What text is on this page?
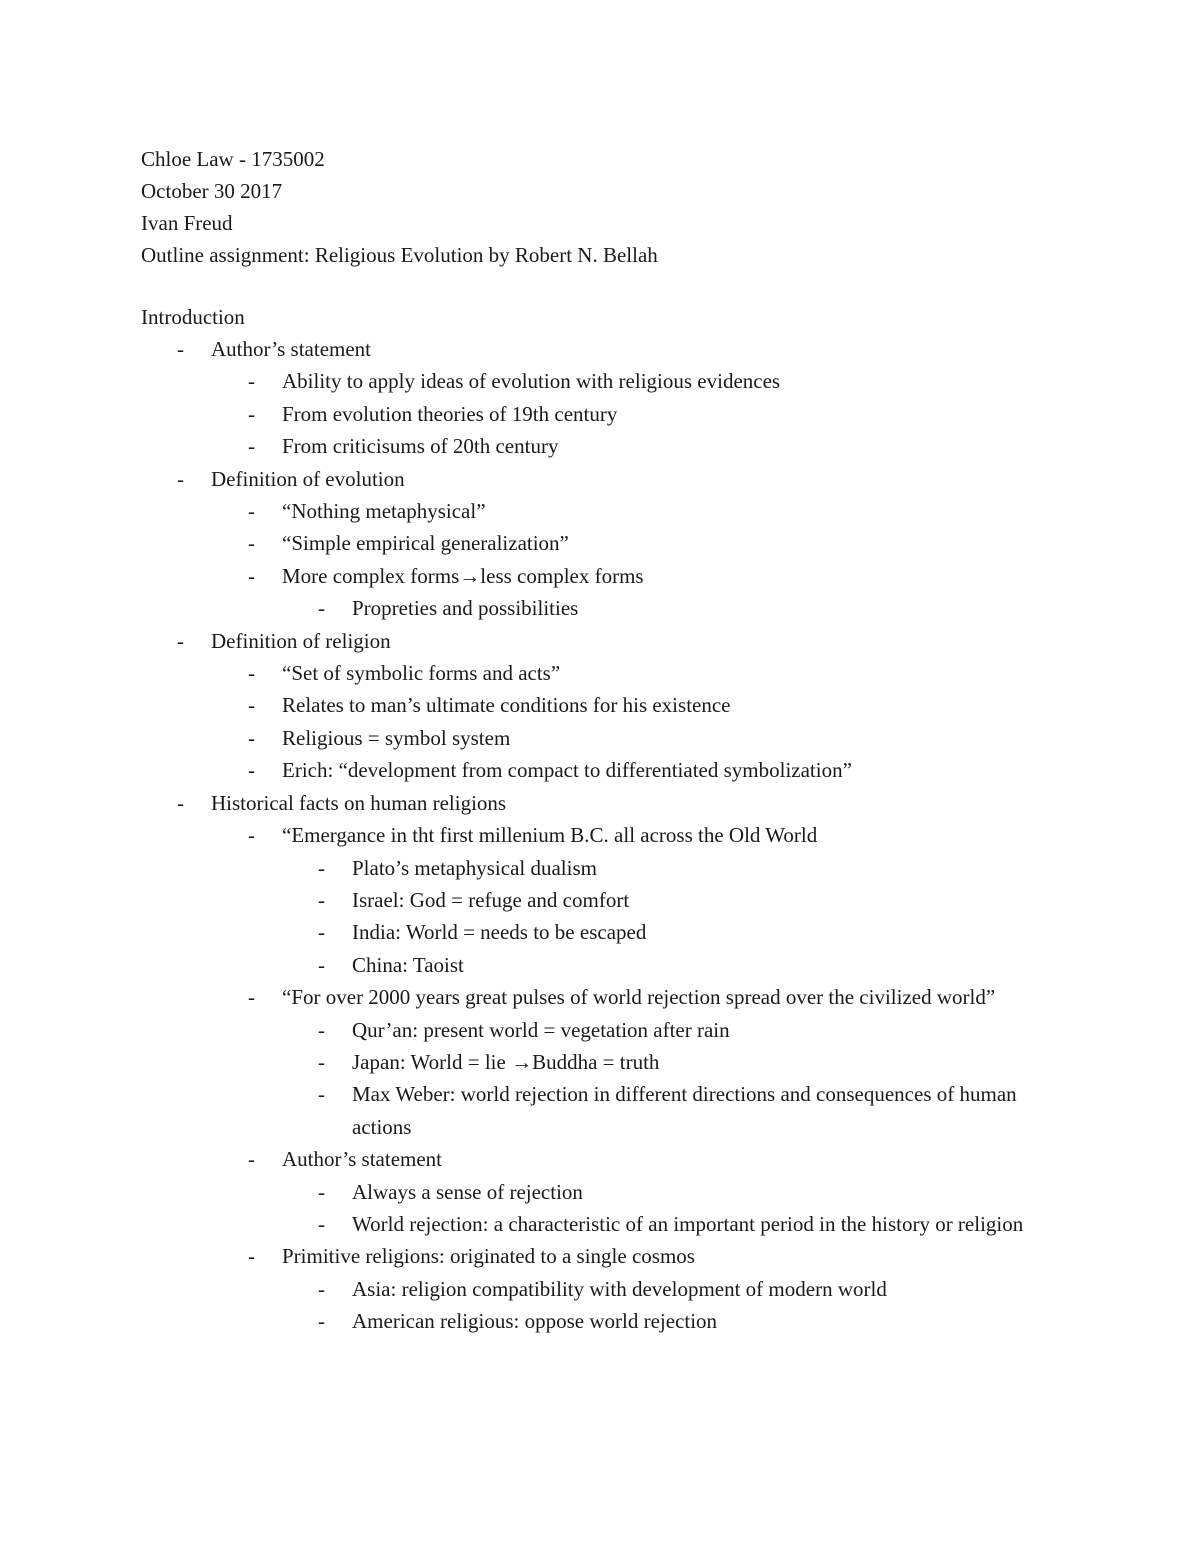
Chloe Law - 1735002
October 30 2017
Ivan Freud
Outline assignment: Religious Evolution by Robert N. Bellah
Introduction
- Author’s statement
- Ability to apply ideas of evolution with religious evidences
- From evolution theories of 19th century
- From criticisums of 20th century
- Definition of evolution
- “Nothing metaphysical”
- “Simple empirical generalization”
- More complex forms→less complex forms
- Propreties and possibilities
- Definition of religion
- “Set of symbolic forms and acts”
- Relates to man’s ultimate conditions for his existence
- Religious = symbol system
- Erich: “development from compact to differentiated symbolization”
- Historical facts on human religions
- “Emergance in tht first millenium B.C. all across the Old World
- Plato’s metaphysical dualism
- Israel: God = refuge and comfort
- India: World = needs to be escaped
- China: Taoist
- “For over 2000 years great pulses of world rejection spread over the civilized world”
- Qur’an: present world = vegetation after rain
- Japan: World = lie →Buddha = truth
- Max Weber: world rejection in different directions and consequences of human actions
- Author’s statement
- Always a sense of rejection
- World rejection: a characteristic of an important period in the history or religion
- Primitive religions: originated to a single cosmos
- Asia: religion compatibility with development of modern world
- American religious: oppose world rejection
